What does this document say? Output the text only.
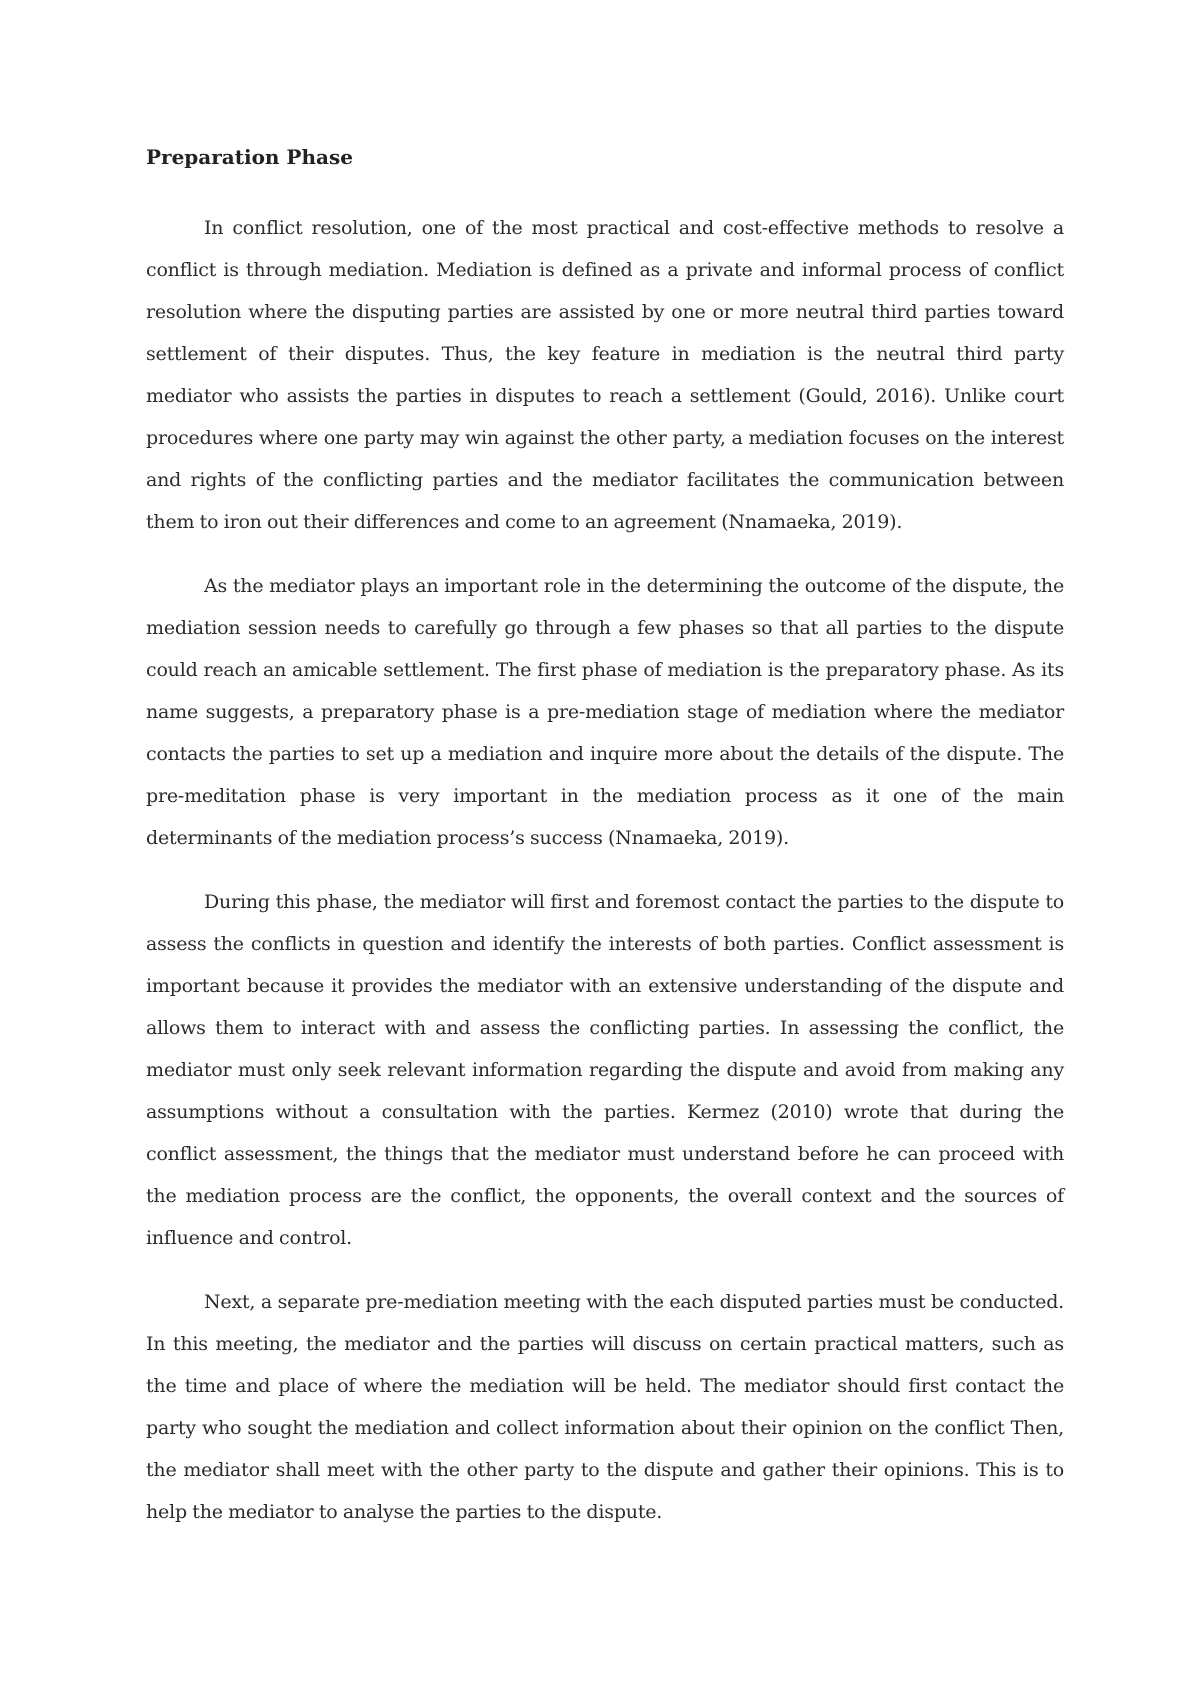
Preparation Phase

In conflict resolution, one of the most practical and cost-effective methods to resolve a conflict is through mediation. Mediation is defined as a private and informal process of conflict resolution where the disputing parties are assisted by one or more neutral third parties toward settlement of their disputes. Thus, the key feature in mediation is the neutral third party mediator who assists the parties in disputes to reach a settlement (Gould, 2016). Unlike court procedures where one party may win against the other party, a mediation focuses on the interest and rights of the conflicting parties and the mediator facilitates the communication between them to iron out their differences and come to an agreement (Nnamaeka, 2019).

As the mediator plays an important role in the determining the outcome of the dispute, the mediation session needs to carefully go through a few phases so that all parties to the dispute could reach an amicable settlement. The first phase of mediation is the preparatory phase. As its name suggests, a preparatory phase is a pre-mediation stage of mediation where the mediator contacts the parties to set up a mediation and inquire more about the details of the dispute. The pre-meditation phase is very important in the mediation process as it one of the main determinants of the mediation process’s success (Nnamaeka, 2019).

During this phase, the mediator will first and foremost contact the parties to the dispute to assess the conflicts in question and identify the interests of both parties. Conflict assessment is important because it provides the mediator with an extensive understanding of the dispute and allows them to interact with and assess the conflicting parties. In assessing the conflict, the mediator must only seek relevant information regarding the dispute and avoid from making any assumptions without a consultation with the parties. Kermez (2010) wrote that during the conflict assessment, the things that the mediator must understand before he can proceed with the mediation process are the conflict, the opponents, the overall context and the sources of influence and control.

Next, a separate pre-mediation meeting with the each disputed parties must be conducted. In this meeting, the mediator and the parties will discuss on certain practical matters, such as the time and place of where the mediation will be held. The mediator should first contact the party who sought the mediation and collect information about their opinion on the conflict Then, the mediator shall meet with the other party to the dispute and gather their opinions. This is to help the mediator to analyse the parties to the dispute.
